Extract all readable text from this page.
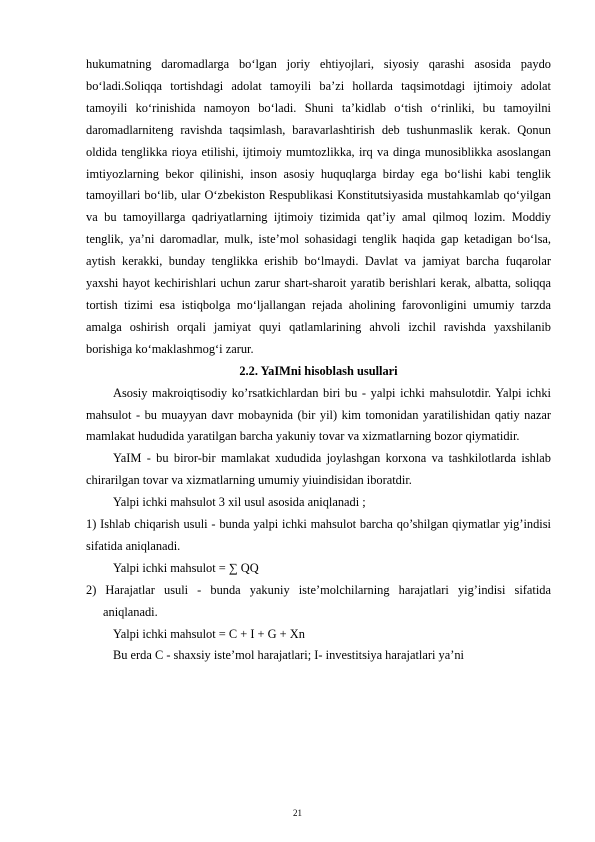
hukumatning daromadlarga bo‘lgan joriy ehtiyojlari, siyosiy qarashi asosida paydo bo‘ladi.Soliqqa tortishdagi adolat tamoyili ba’zi hollarda taqsimotdagi ijtimoiy adolat tamoyili ko‘rinishida namoyon bo‘ladi. Shuni ta’kidlab o‘tish o‘rinliki, bu tamoyilni daromadlarniteng ravishda taqsimlash, baravarlashtirish deb tushunmaslik kerak. Qonun oldida tenglikka rioya etilishi, ijtimoiy mumtozlikka, irq va dinga munosiblikka asoslangan imtiyozlarning bekor qilinishi, inson asosiy huquqlarga birday ega bo‘lishi kabi tenglik tamoyillari bo‘lib, ular O‘zbekiston Respublikasi Konstitutsiyasida mustahkamlab qo‘yilgan va bu tamoyillarga qadriyatlarning ijtimoiy tizimida qat’iy amal qilmoq lozim. Moddiy tenglik, ya’ni daromadlar, mulk, iste’mol sohasidagi tenglik haqida gap ketadigan bo‘lsa, aytish kerakki, bunday tenglikka erishib bo‘lmaydi. Davlat va jamiyat barcha fuqarolar yaxshi hayot kechirishlari uchun zarur shart-sharoit yaratib berishlari kerak, albatta, soliqqa tortish tizimi esa istiqbolga mo‘ljallangan rejada aholining farovonligini umumiy tarzda amalga oshirish orqali jamiyat quyi qatlamlarining ahvoli izchil ravishda yaxshilanib borishiga ko‘maklashmog‘i zarur.

2.2. YaIMni hisoblash usullari

Asosiy makroiqtisodiy ko’rsatkichlardan biri bu - yalpi ichki mahsulotdir. Yalpi ichki mahsulot - bu muayyan davr mobaynida (bir yil) kim tomonidan yaratilishidan qatiy nazar mamlakat hududida yaratilgan barcha yakuniy tovar va xizmatlarning bozor qiymatidir.

YaIM - bu biror-bir mamlakat xududida joylashgan korxona va tashkilotlarda ishlab chirarilgan tovar va xizmatlarning umumiy yiuindisidan iboratdir.

Yalpi ichki mahsulot 3 xil usul asosida aniqlanadi ;

1) Ishlab chiqarish usuli - bunda yalpi ichki mahsulot barcha qo’shilgan qiymatlar yig’indisi sifatida aniqlanadi.

Yalpi ichki mahsulot = ∑ QQ

2) Harajatlar usuli - bunda yakuniy iste’molchilarning harajatlari yig’indisi sifatida aniqlanadi.

Yalpi ichki mahsulot = C + I + G + Xn

Bu erda C - shaxsiy iste’mol harajatlari; I- investitsiya harajatlari ya’ni

21
